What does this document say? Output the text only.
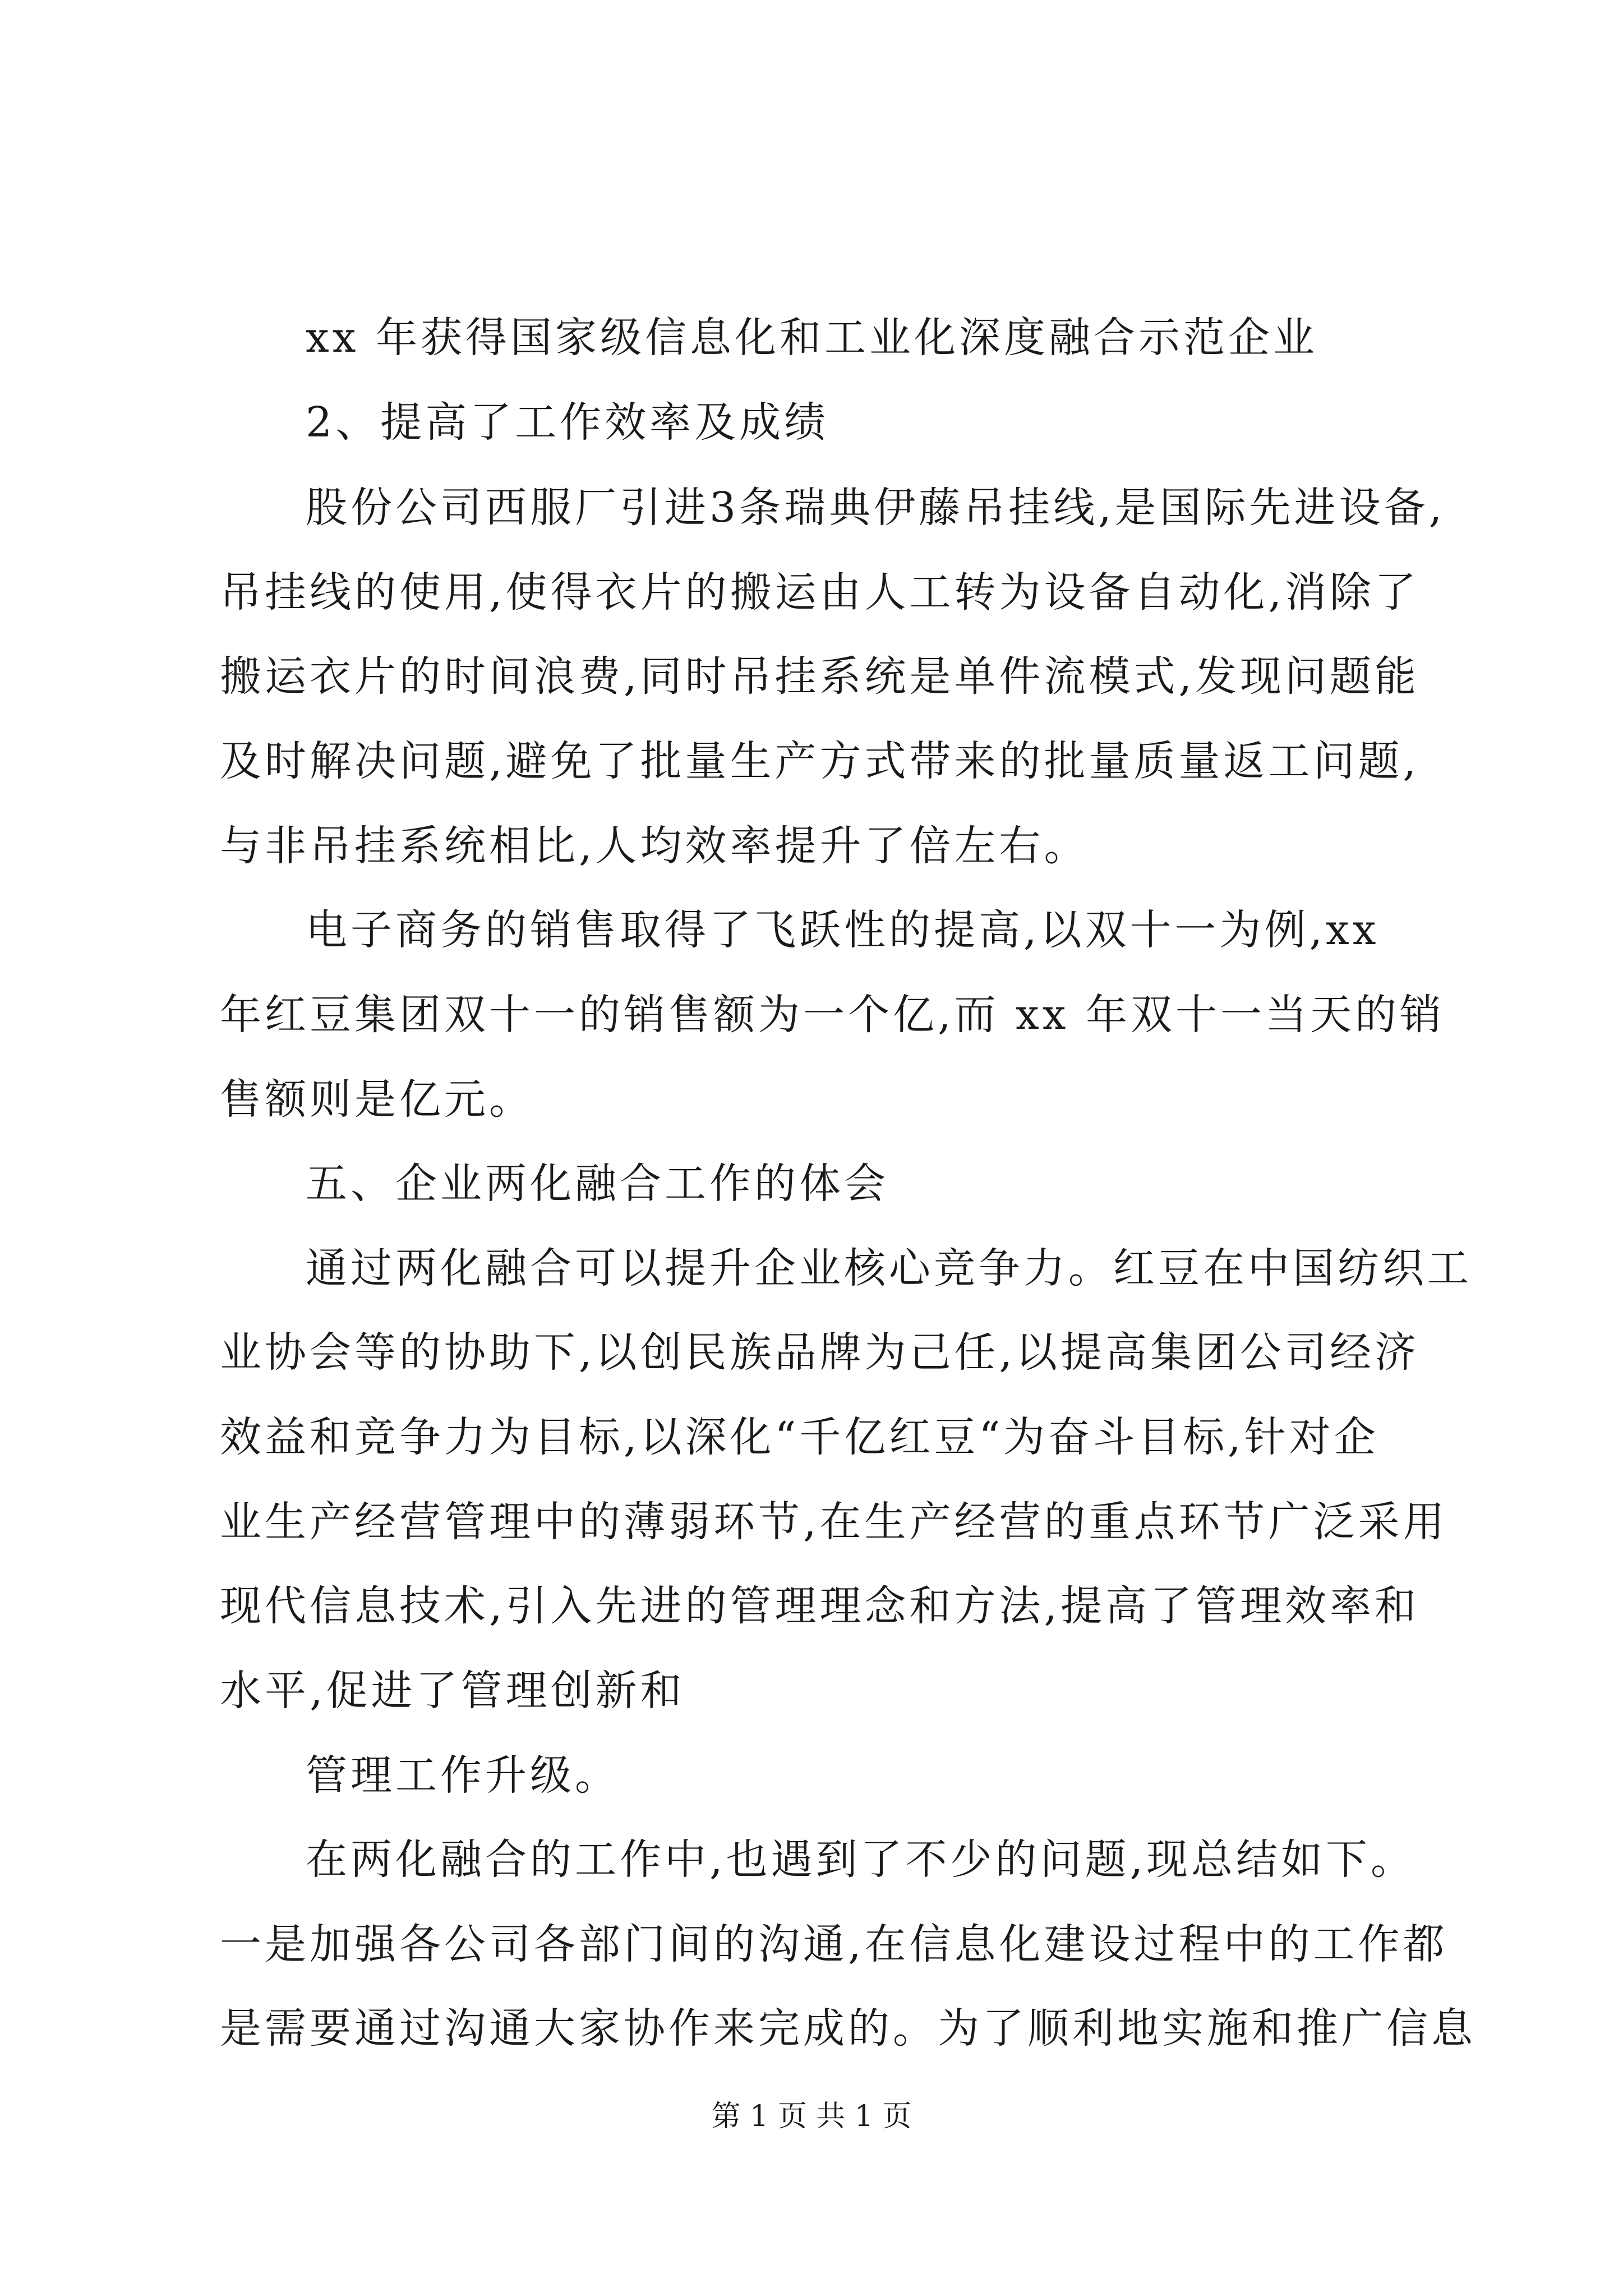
xx 年获得国家级信息化和工业化深度融合示范企业
2、提高了工作效率及成绩
股份公司西服厂引进3条瑞典伊藤吊挂线,是国际先进设备,
吊挂线的使用,使得衣片的搬运由人工转为设备自动化,消除了
搬运衣片的时间浪费,同时吊挂系统是单件流模式,发现问题能
及时解决问题,避免了批量生产方式带来的批量质量返工问题,
与非吊挂系统相比,人均效率提升了倍左右。
电子商务的销售取得了飞跃性的提高,以双十一为例,xx
年红豆集团双十一的销售额为一个亿,而 xx 年双十一当天的销
售额则是亿元。
五、企业两化融合工作的体会
通过两化融合可以提升企业核心竞争力。红豆在中国纺织工
业协会等的协助下,以创民族品牌为己任,以提高集团公司经济
效益和竞争力为目标,以深化“千亿红豆“为奋斗目标,针对企
业生产经营管理中的薄弱环节,在生产经营的重点环节广泛采用
现代信息技术,引入先进的管理理念和方法,提高了管理效率和
水平,促进了管理创新和
管理工作升级。
在两化融合的工作中,也遇到了不少的问题,现总结如下。
一是加强各公司各部门间的沟通,在信息化建设过程中的工作都
是需要通过沟通大家协作来完成的。为了顺利地实施和推广信息
第 1 页 共 1 页
